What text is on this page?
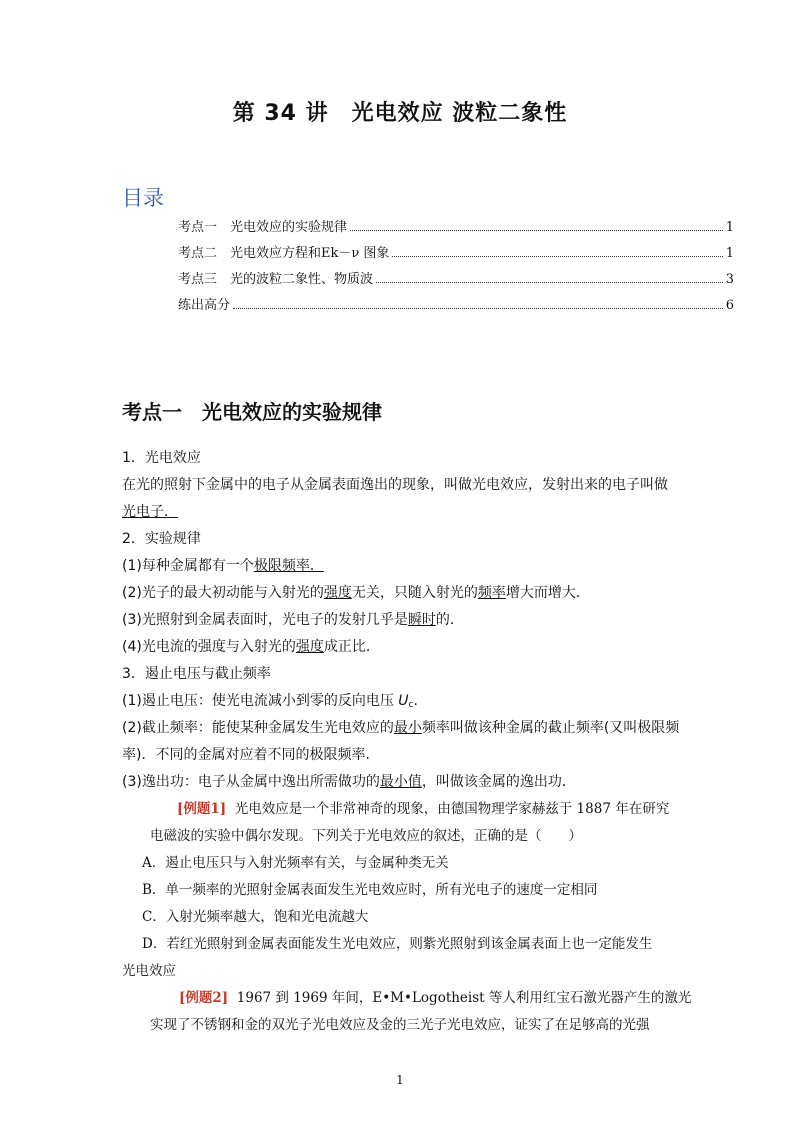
第 34 讲　光电效应 波粒二象性
目录
考点一　光电效应的实验规律	1
考点二　光电效应方程和Ek－ν 图象	1
考点三　光的波粒二象性、物质波	3
练出高分	6
考点一　光电效应的实验规律
1．光电效应
在光的照射下金属中的电子从金属表面逸出的现象，叫做光电效应，发射出来的电子叫做
光电子．
2．实验规律
(1)每种金属都有一个极限频率．
(2)光子的最大初动能与入射光的强度无关，只随入射光的频率增大而增大．
(3)光照射到金属表面时，光电子的发射几乎是瞬时的．
(4)光电流的强度与入射光的强度成正比．
3．遏止电压与截止频率
(1)遏止电压：使光电流减小到零的反向电压 $U_c$．
(2)截止频率：能使某种金属发生光电效应的最小频率叫做该种金属的截止频率(又叫极限频
率)．不同的金属对应着不同的极限频率．
(3)逸出功：电子从金属中逸出所需做功的最小值，叫做该金属的逸出功．
[例题1] 光电效应是一个非常神奇的现象，由德国物理学家赫兹于 1887 年在研究
电磁波的实验中偶尔发现。下列关于光电效应的叙述，正确的是（　　）
A．遏止电压只与入射光频率有关，与金属种类无关
B．单一频率的光照射金属表面发生光电效应时，所有光电子的速度一定相同
C．入射光频率越大，饱和光电流越大
D．若红光照射到金属表面能发生光电效应，则紫光照射到该金属表面上也一定能发生
光电效应
[例题2] 1967 到 1969 年间，E•M•Logotheist 等人利用红宝石激光器产生的激光
实现了不锈钢和金的双光子光电效应及金的三光子光电效应，证实了在足够高的光强
1
